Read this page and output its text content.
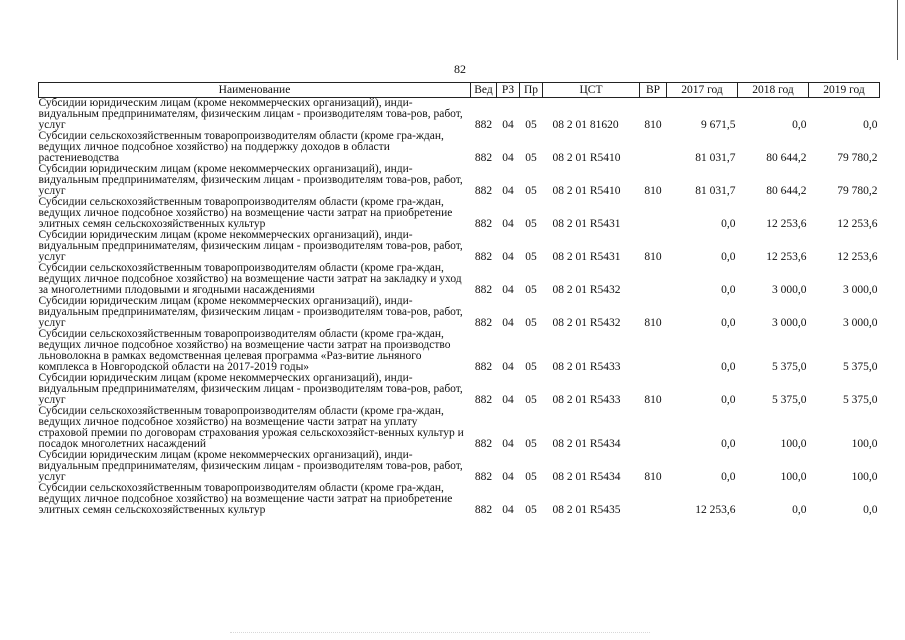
82
Наименование	Вед	РЗ	Пр	ЦСТ	ВР	2017 год	2018 год	2019 год
Субсидии юридическим лицам (кроме некоммерческих организаций), инди-видуальным предпринимателям, физическим лицам - производителям това-ров, работ, услуг	882	04	05	08 2 01 81620	810	9 671,5	0,0	0,0
Субсидии сельскохозяйственным товаропроизводителям области (кроме гра-ждан, ведущих личное подсобное хозяйство) на поддержку доходов в области растениеводства	882	04	05	08 2 01 R5410		81 031,7	80 644,2	79 780,2
Субсидии юридическим лицам (кроме некоммерческих организаций), инди-видуальным предпринимателям, физическим лицам - производителям това-ров, работ, услуг	882	04	05	08 2 01 R5410	810	81 031,7	80 644,2	79 780,2
Субсидии сельскохозяйственным товаропроизводителям области (кроме гра-ждан, ведущих личное подсобное хозяйство) на возмещение части затрат на приобретение элитных семян сельскохозяйственных культур	882	04	05	08 2 01 R5431		0,0	12 253,6	12 253,6
Субсидии юридическим лицам (кроме некоммерческих организаций), инди-видуальным предпринимателям, физическим лицам - производителям това-ров, работ, услуг	882	04	05	08 2 01 R5431	810	0,0	12 253,6	12 253,6
Субсидии сельскохозяйственным товаропроизводителям области (кроме гра-ждан, ведущих личное подсобное хозяйство) на возмещение части затрат на закладку и уход за многолетними плодовыми и ягодными насаждениями	882	04	05	08 2 01 R5432		0,0	3 000,0	3 000,0
Субсидии юридическим лицам (кроме некоммерческих организаций), инди-видуальным предпринимателям, физическим лицам - производителям това-ров, работ, услуг	882	04	05	08 2 01 R5432	810	0,0	3 000,0	3 000,0
Субсидии сельскохозяйственным товаропроизводителям области (кроме гра-ждан, ведущих личное подсобное хозяйство) на возмещение части затрат на производство льноволокна в рамках ведомственная целевая программа «Раз-витие льняного комплекса в Новгородской области на 2017-2019 годы»	882	04	05	08 2 01 R5433		0,0	5 375,0	5 375,0
Субсидии юридическим лицам (кроме некоммерческих организаций), инди-видуальным предпринимателям, физическим лицам - производителям това-ров, работ, услуг	882	04	05	08 2 01 R5433	810	0,0	5 375,0	5 375,0
Субсидии сельскохозяйственным товаропроизводителям области (кроме гра-ждан, ведущих личное подсобное хозяйство) на возмещение части затрат на уплату страховой премии по договорам страхования урожая сельскохозяйст-венных культур и посадок многолетних насаждений	882	04	05	08 2 01 R5434		0,0	100,0	100,0
Субсидии юридическим лицам (кроме некоммерческих организаций), инди-видуальным предпринимателям, физическим лицам - производителям това-ров, работ, услуг	882	04	05	08 2 01 R5434	810	0,0	100,0	100,0
Субсидии сельскохозяйственным товаропроизводителям области (кроме гра-ждан, ведущих личное подсобное хозяйство) на возмещение части затрат на приобретение элитных семян сельскохозяйственных культур	882	04	05	08 2 01 R5435		12 253,6	0,0	0,0
